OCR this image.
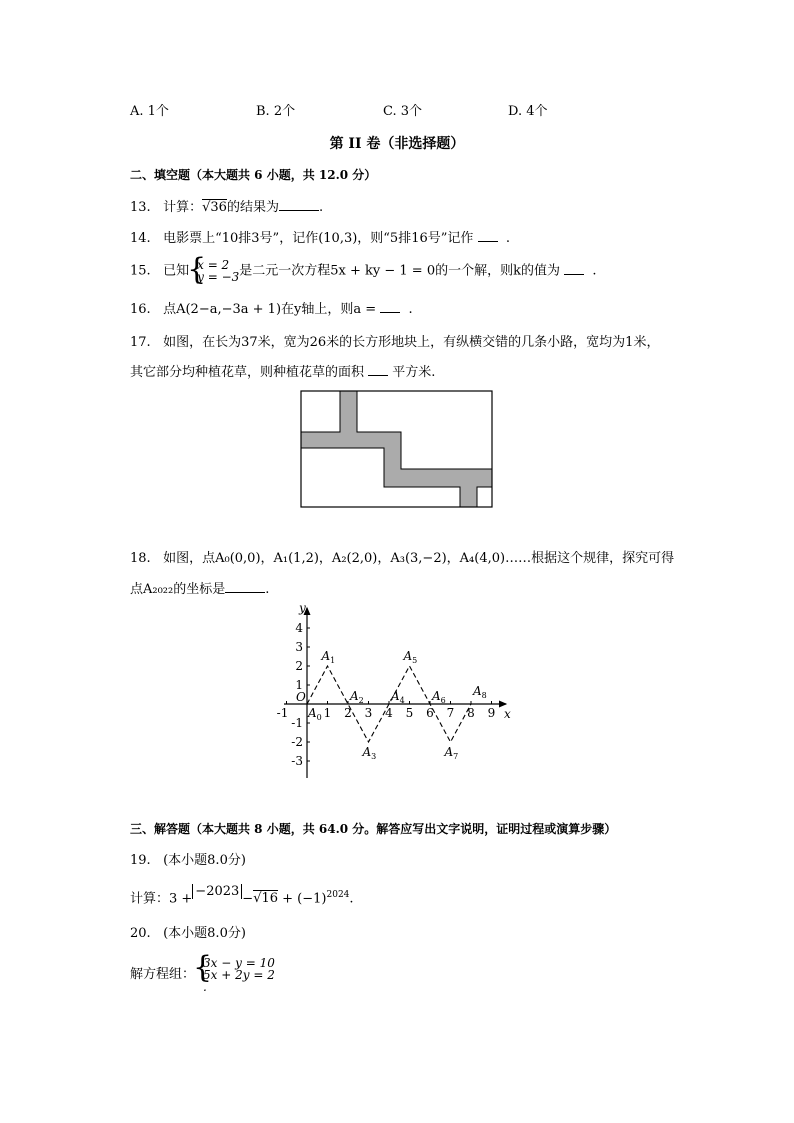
A. 1个	B. 2个	C. 3个	D. 4个
第 II 卷（非选择题）
二、填空题（本大题共 6 小题，共 12.0 分）
13. 计算：√36的结果为	.
14. 电影票上“10排3号”，记作(10,3)，则“5排16号”记作 .
15. 已知
{ x = 2
y = −3 是二元一次方程5x + ky − 1 = 0的一个解，则k的值为 .
16. 点A(2−a,−3a + 1)在y轴上，则a = .
17. 如图，在长为37米，宽为26米的长方形地块上，有纵横交错的几条小路，宽均为1米，
其它部分均种植花草，则种植花草的面积 平方米.
18. 如图，点A₀(0,0)，A₁(1,2)，A₂(2,0)，A₃(3,−2)，A₄(4,0)……根据这个规律，探究可得
点A₂₀₂₂的坐标是	.
-1	1 2 3 4 5 6 7 8 9
4
3
2
1
-1
-2
-3
$A_0$
$A_1$
$A_2$
$A_3$
$A_4$
$A_5$
$A_6$
$A_7$
$A_8$
x
y
O
三、解答题（本大题共 8 小题，共 64.0 分。解答应写出文字说明，证明过程或演算步骤）
19. (本小题8.0分)
计算：$3 + -2023 -√16 + (-1)^{2024}$.
20. (本小题8.0分)
解方程组：
{ 3x − y = 10
5x + 2y = 2
.
